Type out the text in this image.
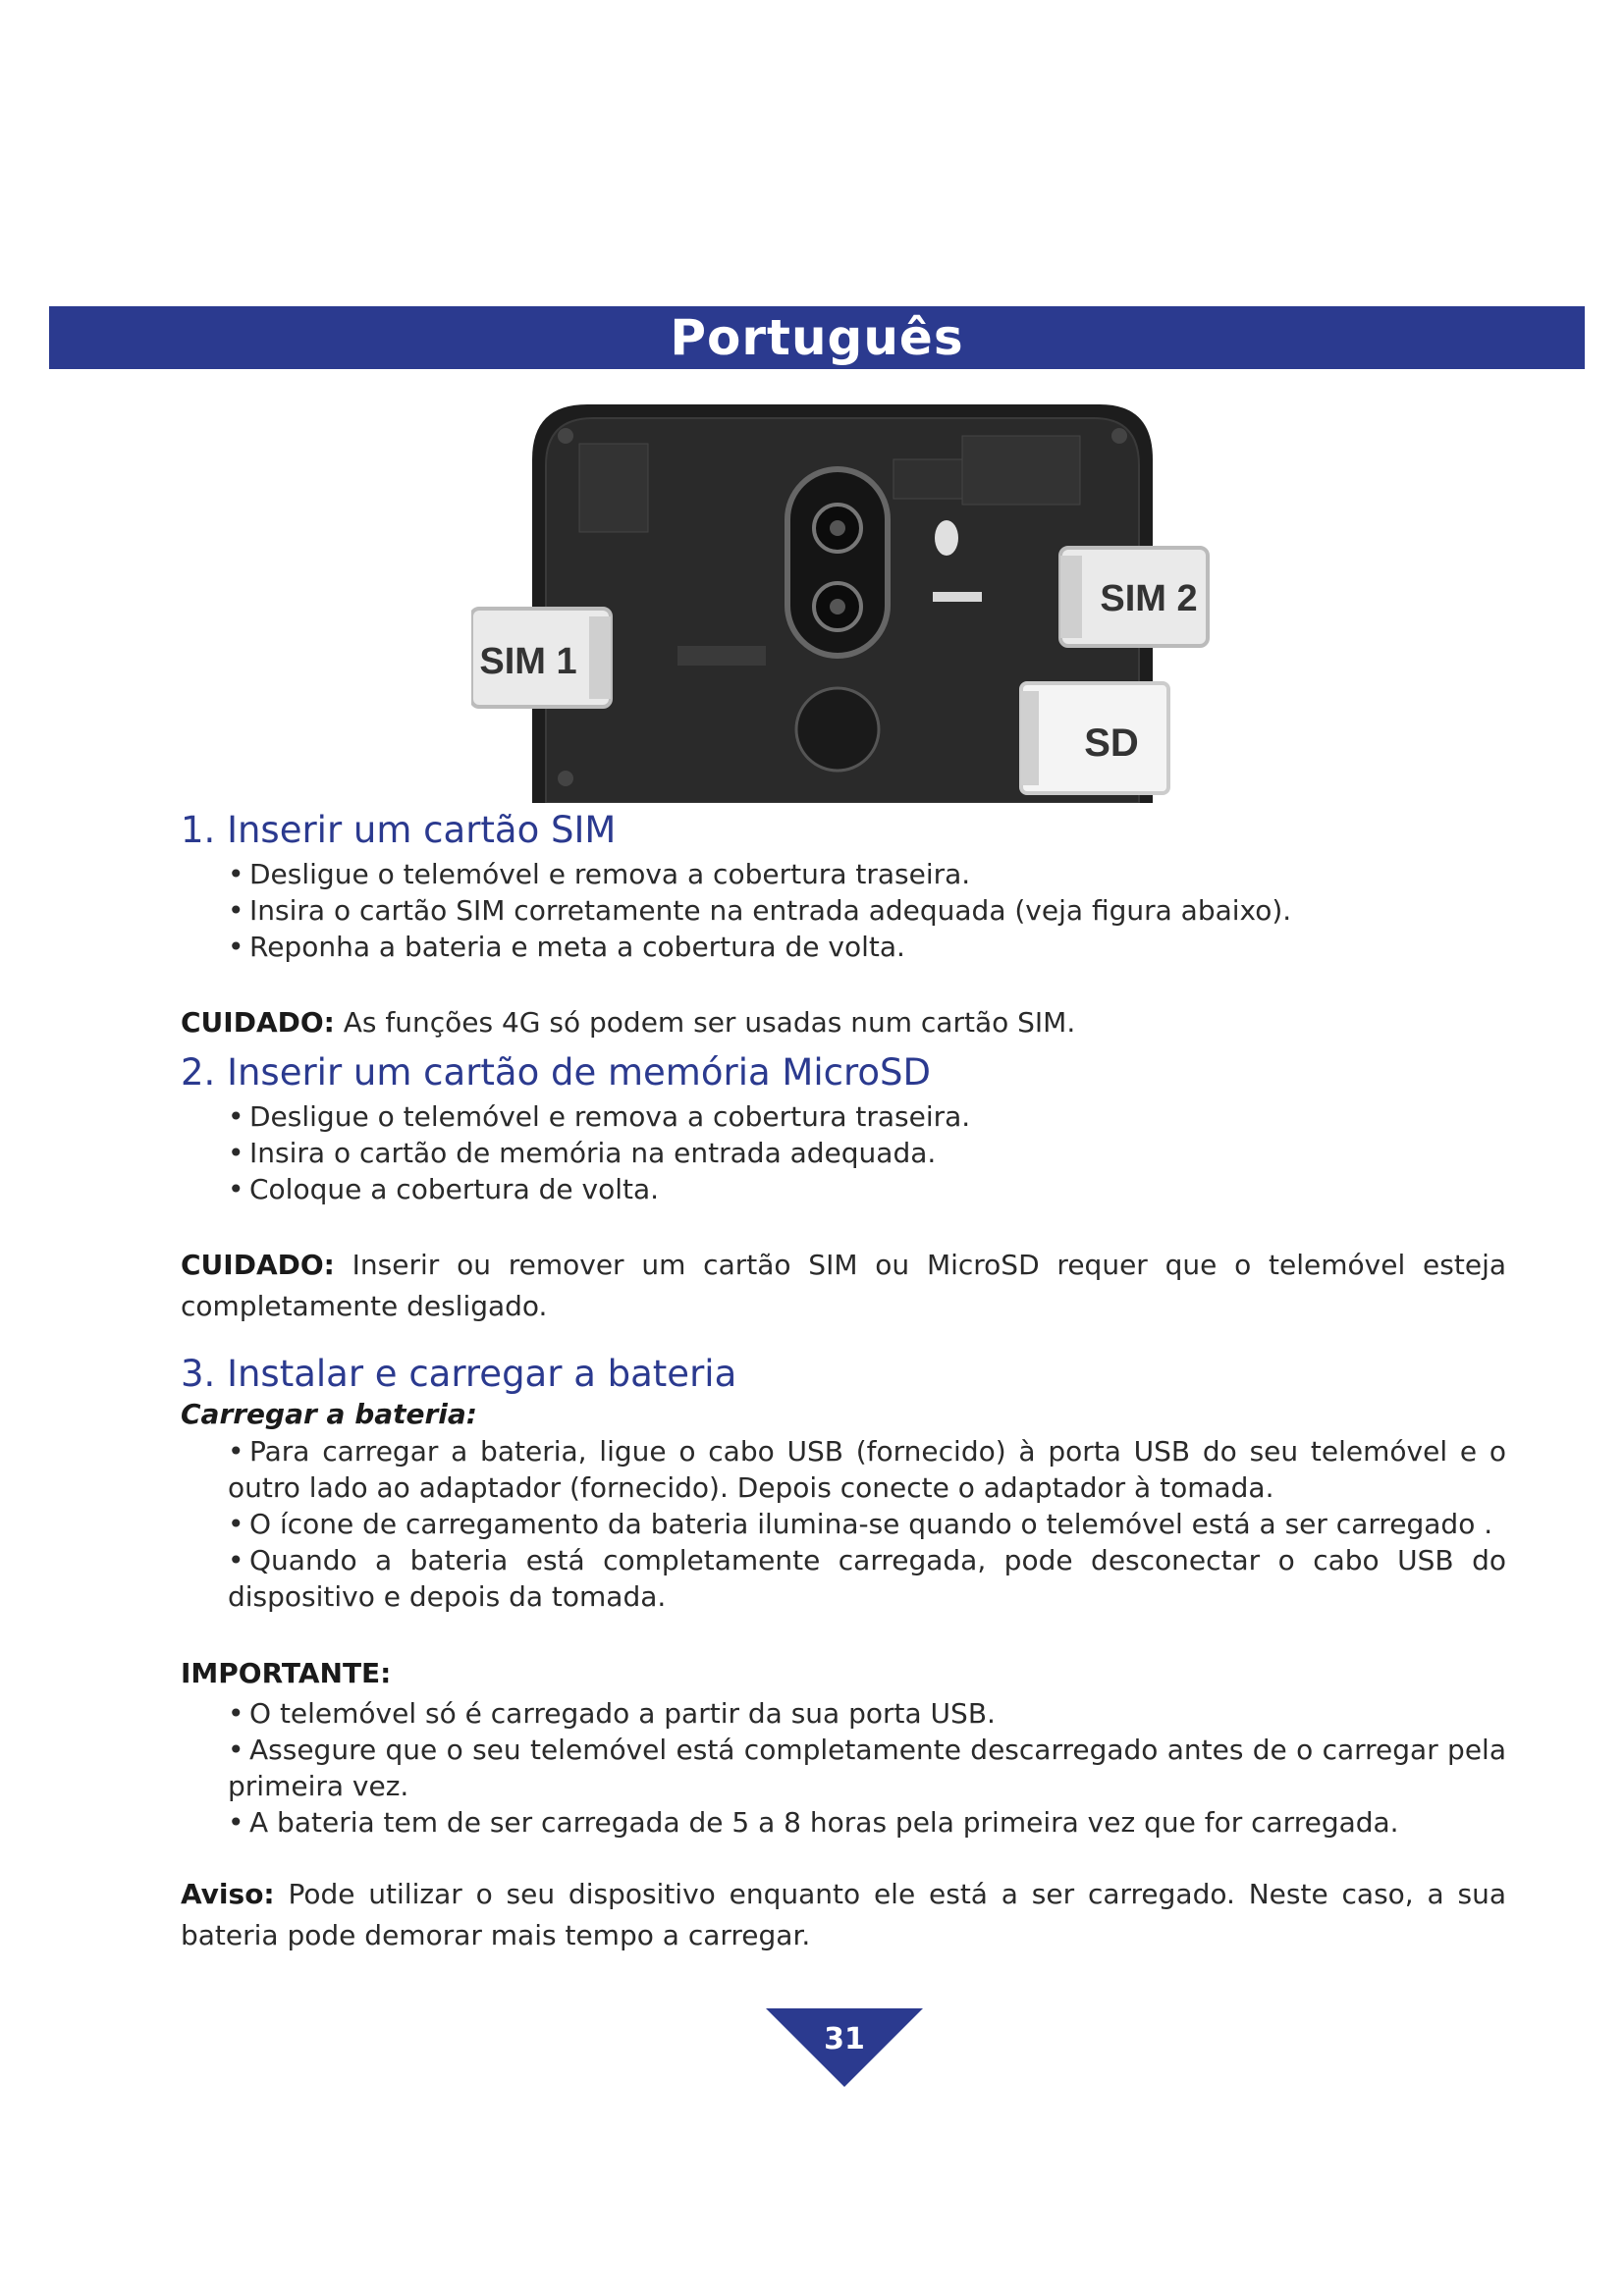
Português
SIM 1
SIM 2
SD
1. Inserir um cartão SIM
• Desligue o telemóvel e remova a cobertura traseira.
• Insira o cartão SIM corretamente na entrada adequada (veja figura abaixo).
• Reponha a bateria e meta a cobertura de volta.

CUIDADO: As funções 4G só podem ser usadas num cartão SIM.

2. Inserir um cartão de memória MicroSD
• Desligue o telemóvel e remova a cobertura traseira.
• Insira o cartão de memória na entrada adequada.
• Coloque a cobertura de volta.

CUIDADO: Inserir ou remover um cartão SIM ou MicroSD requer que o telemóvel esteja completamente desligado.

3. Instalar e carregar a bateria

Carregar a bateria:

• Para carregar a bateria, ligue o cabo USB (fornecido) à porta USB do seu telemóvel e o outro lado ao adaptador (fornecido). Depois conecte o adaptador à tomada.
• O ícone de carregamento da bateria ilumina-se quando o telemóvel está a ser carregado .
• Quando a bateria está completamente carregada, pode desconectar o cabo USB do dispositivo e depois da tomada.

IMPORTANTE:

• O telemóvel só é carregado a partir da sua porta USB.
• Assegure que o seu telemóvel está completamente descarregado antes de o carregar pela primeira vez.
• A bateria tem de ser carregada de 5 a 8 horas pela primeira vez que for carregada.

Aviso: Pode utilizar o seu dispositivo enquanto ele está a ser carregado. Neste caso, a sua bateria pode demorar mais tempo a carregar.

31
